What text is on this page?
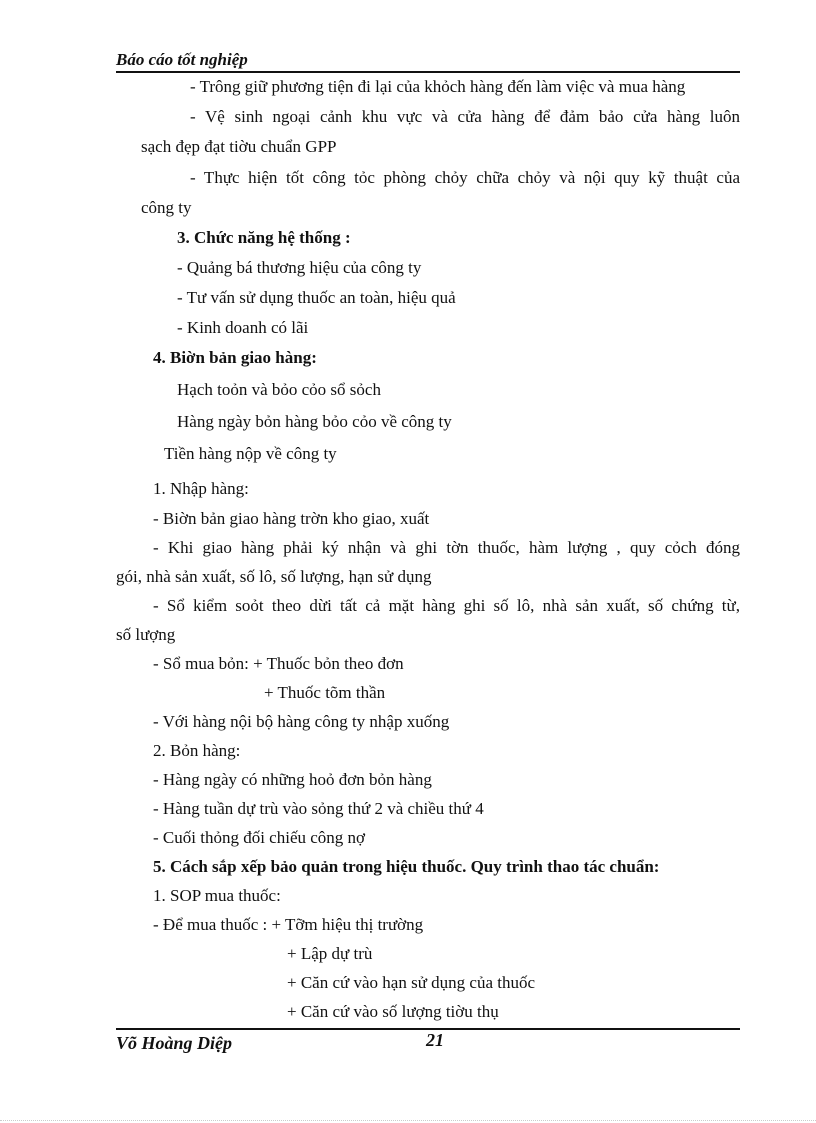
Báo cáo tốt nghiệp
- Trông giữ phương tiện đi lại của khỏch hàng đến làm việc và mua hàng
- Vệ sinh ngoại cảnh khu vực và cửa hàng để đảm bảo cửa hàng luôn
sạch đẹp đạt tiờu chuẩn GPP
- Thực hiện tốt công tỏc phòng chỏy chữa chỏy và nội quy kỹ thuật của
công ty
3. Chức năng hệ thống :
- Quảng bá thương hiệu của công ty
- Tư vấn sử dụng thuốc an toàn, hiệu quả
- Kinh doanh có lãi
4. Biờn bản giao hàng:
Hạch toỏn và bỏo cỏo sổ sỏch
Hàng ngày bỏn hàng bỏo cỏo về công ty
Tiền hàng nộp về công ty
1. Nhập hàng:
- Biờn bản giao hàng trờn kho giao, xuất
- Khi giao hàng phải ký nhận và ghi tờn thuốc, hàm lượng , quy cỏch đóng
gói, nhà sản xuất, số lô, số lượng, hạn sử dụng
- Sổ kiểm soỏt theo dừi tất cả mặt hàng ghi số lô, nhà sản xuất, số chứng từ,
số lượng
- Sổ mua bỏn: + Thuốc bỏn theo đơn
+ Thuốc tõm thần
- Với hàng nội bộ hàng công ty nhập xuống
2. Bỏn hàng:
- Hàng ngày có những hoỏ đơn bỏn hàng
- Hàng tuần dự trù vào sỏng thứ 2 và chiều thứ 4
- Cuối thỏng đối chiếu công nợ
5. Cách sắp xếp bảo quản trong hiệu thuốc. Quy trình thao tác chuẩn:
1. SOP mua thuốc:
- Để mua thuốc : + Tỡm hiệu thị trường
+ Lập dự trù
+ Căn cứ vào hạn sử dụng của thuốc
+ Căn cứ vào số lượng tiờu thụ
Võ Hoàng Diệp	21
